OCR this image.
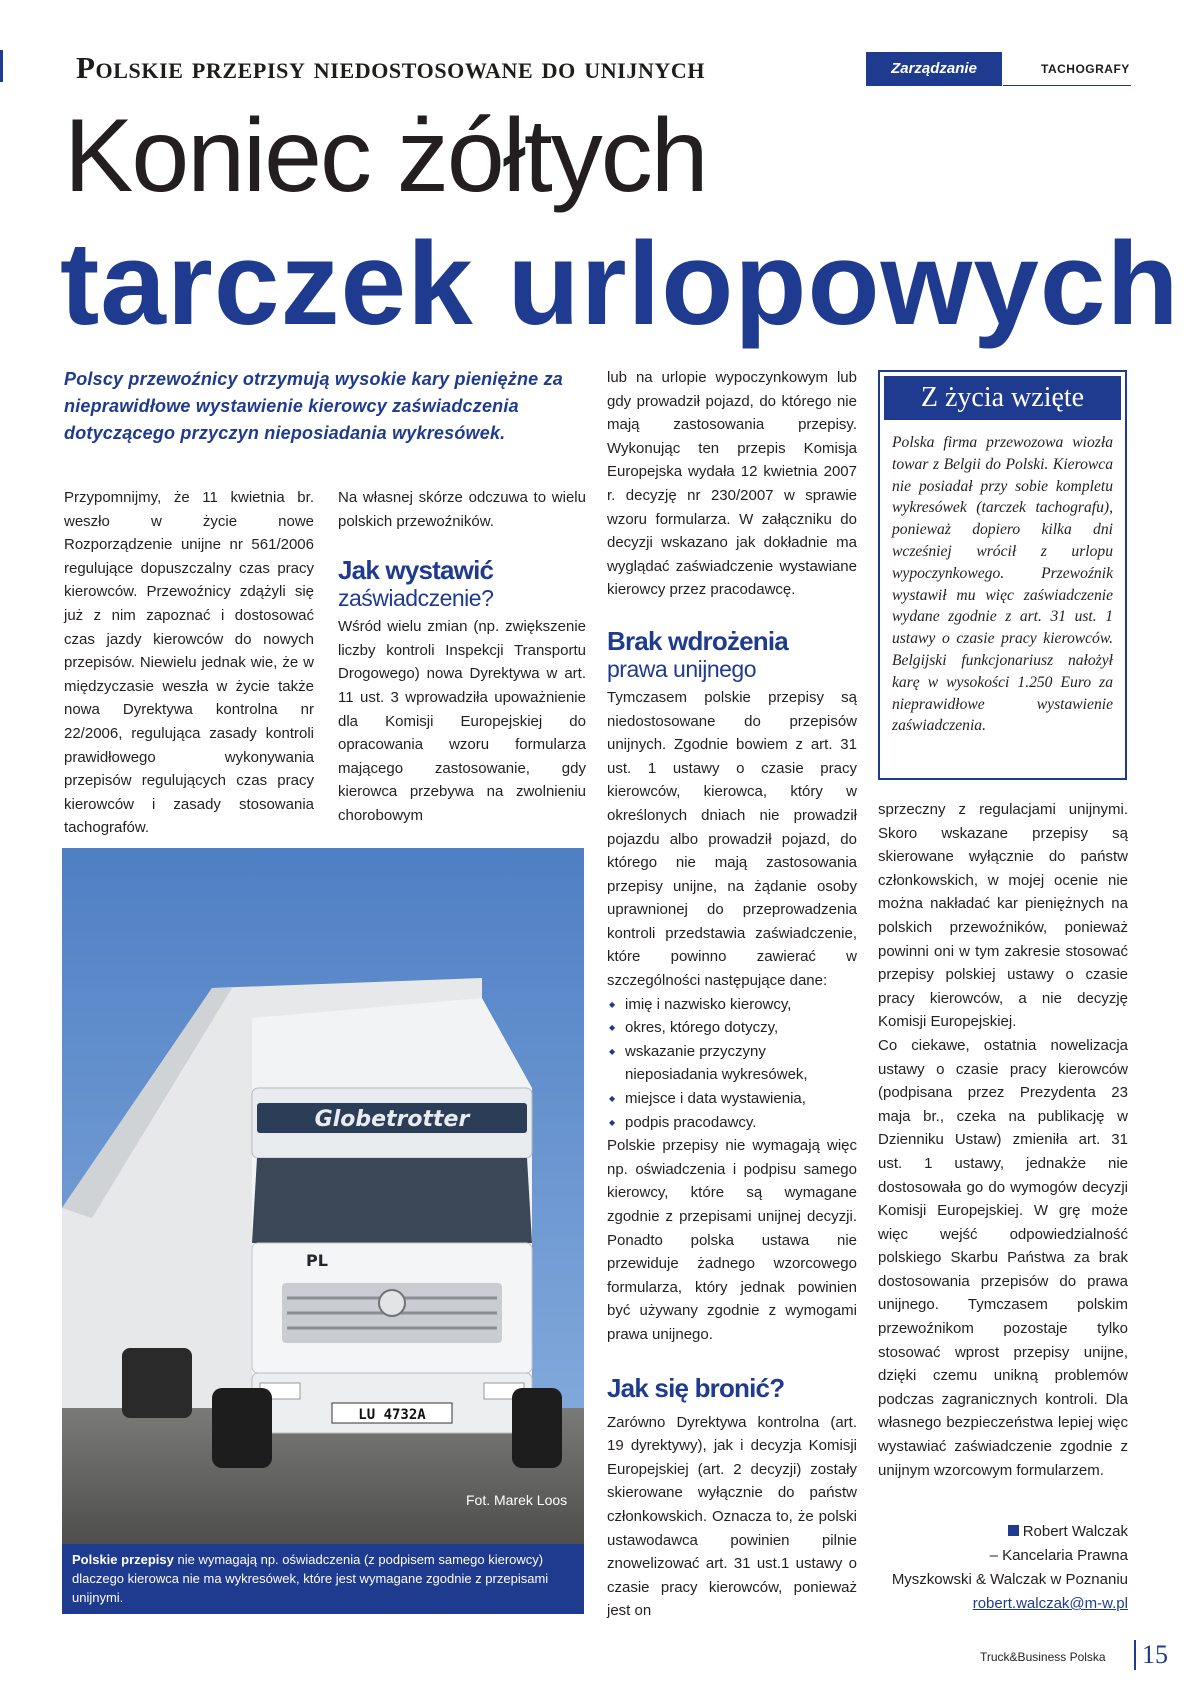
Polskie przepisy niedostosowane do unijnych	Zarządzanie	TACHOGRAFY
Koniec żółtych
tarczek urlopowych
Polscy przewoźnicy otrzymują wysokie kary pieniężne za nieprawidłowe wystawienie kierowcy zaświadczenia dotyczącego przyczyn nieposiadania wykresówek.

Przypomnijmy, że 11 kwietnia br. weszło w życie nowe Rozporządzenie unijne nr 561/2006 regulujące dopuszczalny czas pracy kierowców. Przewoźnicy zdążyli się już z nim zapoznać i dostosować czas jazdy kierowców do nowych przepisów. Niewielu jednak wie, że w międzyczasie weszła w życie także nowa Dyrektywa kontrolna nr 22/2006, regulująca zasady kontroli prawidłowego wykonywania przepisów regulujących czas pracy kierowców i zasady stosowania tachografów.

Na własnej skórze odczuwa to wielu polskich przewoźników.

Jak wystawić
zaświadczenie?

Wśród wielu zmian (np. zwiększenie liczby kontroli Inspekcji Transportu Drogowego) nowa Dyrektywa w art. 11 ust. 3 wprowadziła upoważnienie dla Komisji Europejskiej do opracowania wzoru formularza mającego zastosowanie, gdy kierowca przebywa na zwolnieniu chorobowym

lub na urlopie wypoczynkowym lub gdy prowadził pojazd, do którego nie mają zastosowania przepisy. Wykonując ten przepis Komisja Europejska wydała 12 kwietnia 2007 r. decyzję nr 230/2007 w sprawie wzoru formularza. W załączniku do decyzji wskazano jak dokładnie ma wyglądać zaświadczenie wystawiane kierowcy przez pracodawcę.

Brak wdrożenia
prawa unijnego

Tymczasem polskie przepisy są niedostosowane do przepisów unijnych. Zgodnie bowiem z art. 31 ust. 1 ustawy o czasie pracy kierowców, kierowca, który w określonych dniach nie prowadził pojazdu albo prowadził pojazd, do którego nie mają zastosowania przepisy unijne, na żądanie osoby uprawnionej do przeprowadzenia kontroli przedstawia zaświadczenie, które powinno zawierać w szczególności następujące dane:

◆ imię i nazwisko kierowcy,
◆ okres, którego dotyczy,
◆ wskazanie przyczyny nieposiadania wykresówek,
◆ miejsce i data wystawienia,
◆ podpis pracodawcy.

Polskie przepisy nie wymagają więc np. oświadczenia i podpisu samego kierowcy, które są wymagane zgodnie z przepisami unijnej decyzji. Ponadto polska ustawa nie przewiduje żadnego wzorcowego formularza, który jednak powinien być używany zgodnie z wymogami prawa unijnego.

Jak się bronić?

Zarówno Dyrektywa kontrolna (art. 19 dyrektywy), jak i decyzja Komisji Europejskiej (art. 2 decyzji) zostały skierowane wyłącznie do państw członkowskich. Oznacza to, że polski ustawodawca powinien pilnie znowelizować art. 31 ust.1 ustawy o czasie pracy kierowców, ponieważ jest on

Z życia wzięte
Polska firma przewozowa wiozła towar z Belgii do Polski. Kierowca nie posiadał przy sobie kompletu wykresówek (tarczek tachografu), ponieważ dopiero kilka dni wcześniej wrócił z urlopu wypoczynkowego. Przewoźnik wystawił mu więc zaświadczenie wydane zgodnie z art. 31 ust. 1 ustawy o czasie pracy kierowców. Belgijski funkcjonariusz nałożył karę w wysokości 1.250 Euro za nieprawidłowe wystawienie zaświadczenia.

sprzeczny z regulacjami unijnymi. Skoro wskazane przepisy są skierowane wyłącznie do państw członkowskich, w mojej ocenie nie można nakładać kar pieniężnych na polskich przewoźników, ponieważ powinni oni w tym zakresie stosować przepisy polskiej ustawy o czasie pracy kierowców, a nie decyzję Komisji Europejskiej.

Co ciekawe, ostatnia nowelizacja ustawy o czasie pracy kierowców (podpisana przez Prezydenta 23 maja br., czeka na publikację w Dzienniku Ustaw) zmieniła art. 31 ust. 1 ustawy, jednakże nie dostosowała go do wymogów decyzji Komisji Europejskiej. W grę może więc wejść odpowiedzialność polskiego Skarbu Państwa za brak dostosowania przepisów do prawa unijnego. Tymczasem polskim przewoźnikom pozostaje tylko stosować wprost przepisy unijne, dzięki czemu unikną problemów podczas zagranicznych kontroli. Dla własnego bezpieczeństwa lepiej więc wystawiać zaświadczenie zgodnie z unijnym wzorcowym formularzem.

Globetrotter
PL
LU 4732A
Fot. Marek Loos
Polskie przepisy nie wymagają np. oświadczenia (z podpisem samego kierowcy) dlaczego kierowca nie ma wykresówek, które jest wymagane zgodnie z przepisami unijnymi.
Robert Walczak
– Kancelaria Prawna
Myszkowski & Walczak w Poznaniu
robert.walczak@m-w.pl
Truck&Business Polska	15
